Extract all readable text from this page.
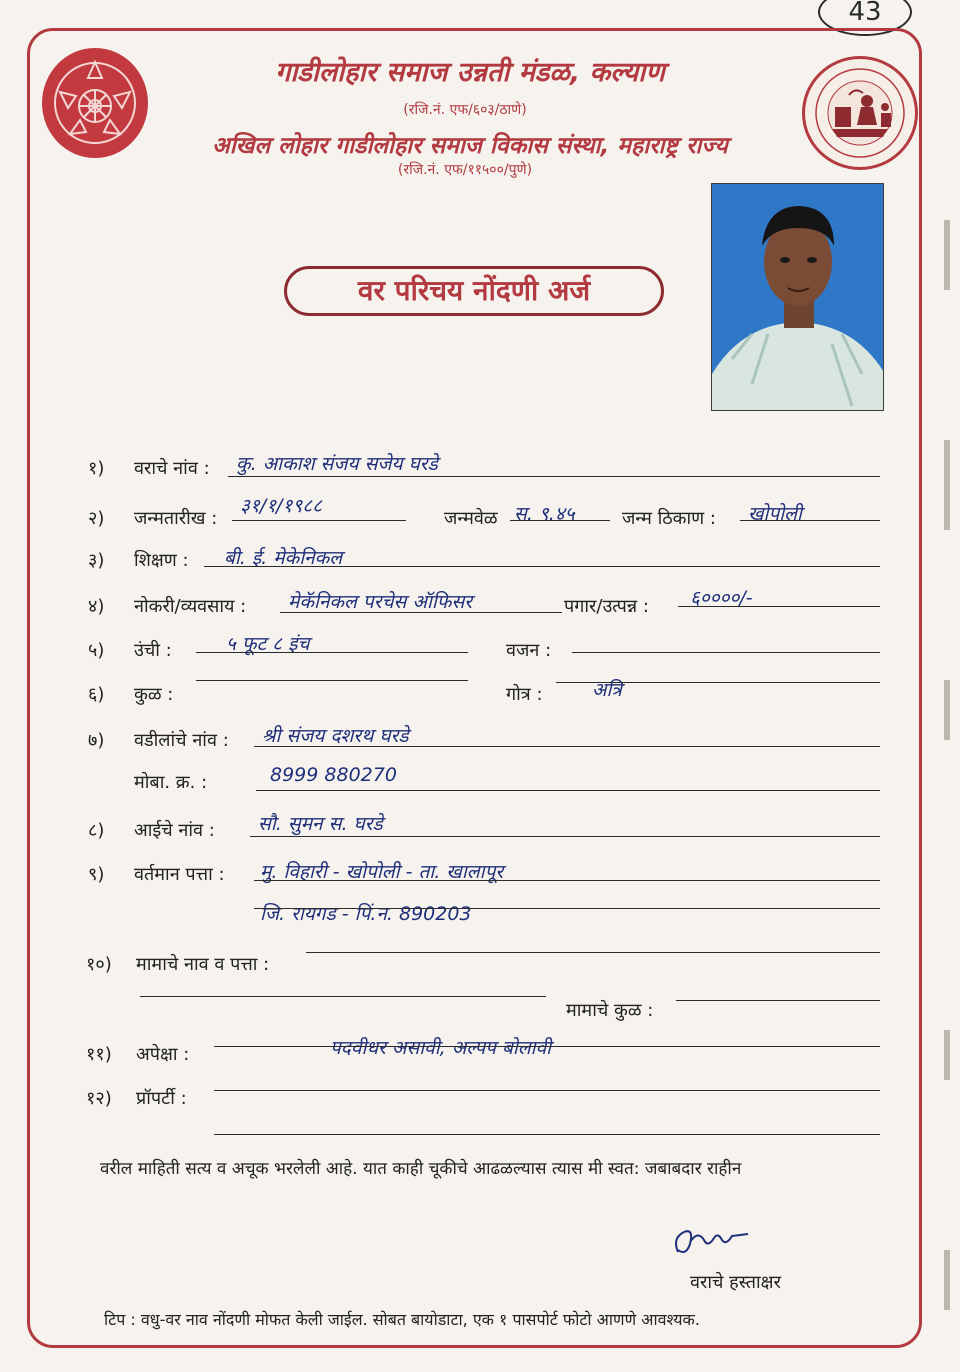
43
गाडीलोहार समाज उन्नती मंडळ, कल्याण
(रजि.नं. एफ/६०३/ठाणे)
अखिल लोहार गाडीलोहार समाज विकास संस्था, महाराष्ट्र राज्य
(रजि.नं. एफ/११५००/पुणे)
वर परिचय नोंदणी अर्ज
१) वराचे नांव : कु. आकाश संजय सजेय घरडे
२) जन्मतारीख :
३१/१/१९८८
जन्मवेळ स. ९.४५	जन्म ठिकाण : खोपोली
३) शिक्षण : बी. ई. मेकेनिकल
४) नोकरी/व्यवसाय : मेकॅनिकल परचेस ऑफिसर	पगार/उत्पन्न : ६००००/-
५) उंची :	५ फूट ८ इंच	वजन :
६) कुळ :	गोत्र :	अत्रि
७) वडीलांचे नांव : श्री संजय दशरथ घरडे
मोबा. क्र. :	8999 880270
८) आईचे नांव : सौ. सुमन स. घरडे
९) वर्तमान पत्ता : मु. विहारी - खोपोली - ता. खालापूर
जि. रायगड - पिं.न. 890203
१०) मामाचे नाव व पत्ता :
मामाचे कुळ :
११) अपेक्षा :	पदवीधर असावी, अल्पप बोलावी
१२) प्रॉपर्टी :
वरील माहिती सत्य व अचूक भरलेली आहे. यात काही चूकीचे आढळल्यास त्यास मी स्वत: जबाबदार राहीन
वराचे हस्ताक्षर
टिप : वधु-वर नाव नोंदणी मोफत केली जाईल. सोबत बायोडाटा, एक १ पासपोर्ट फोटो आणणे आवश्यक.
